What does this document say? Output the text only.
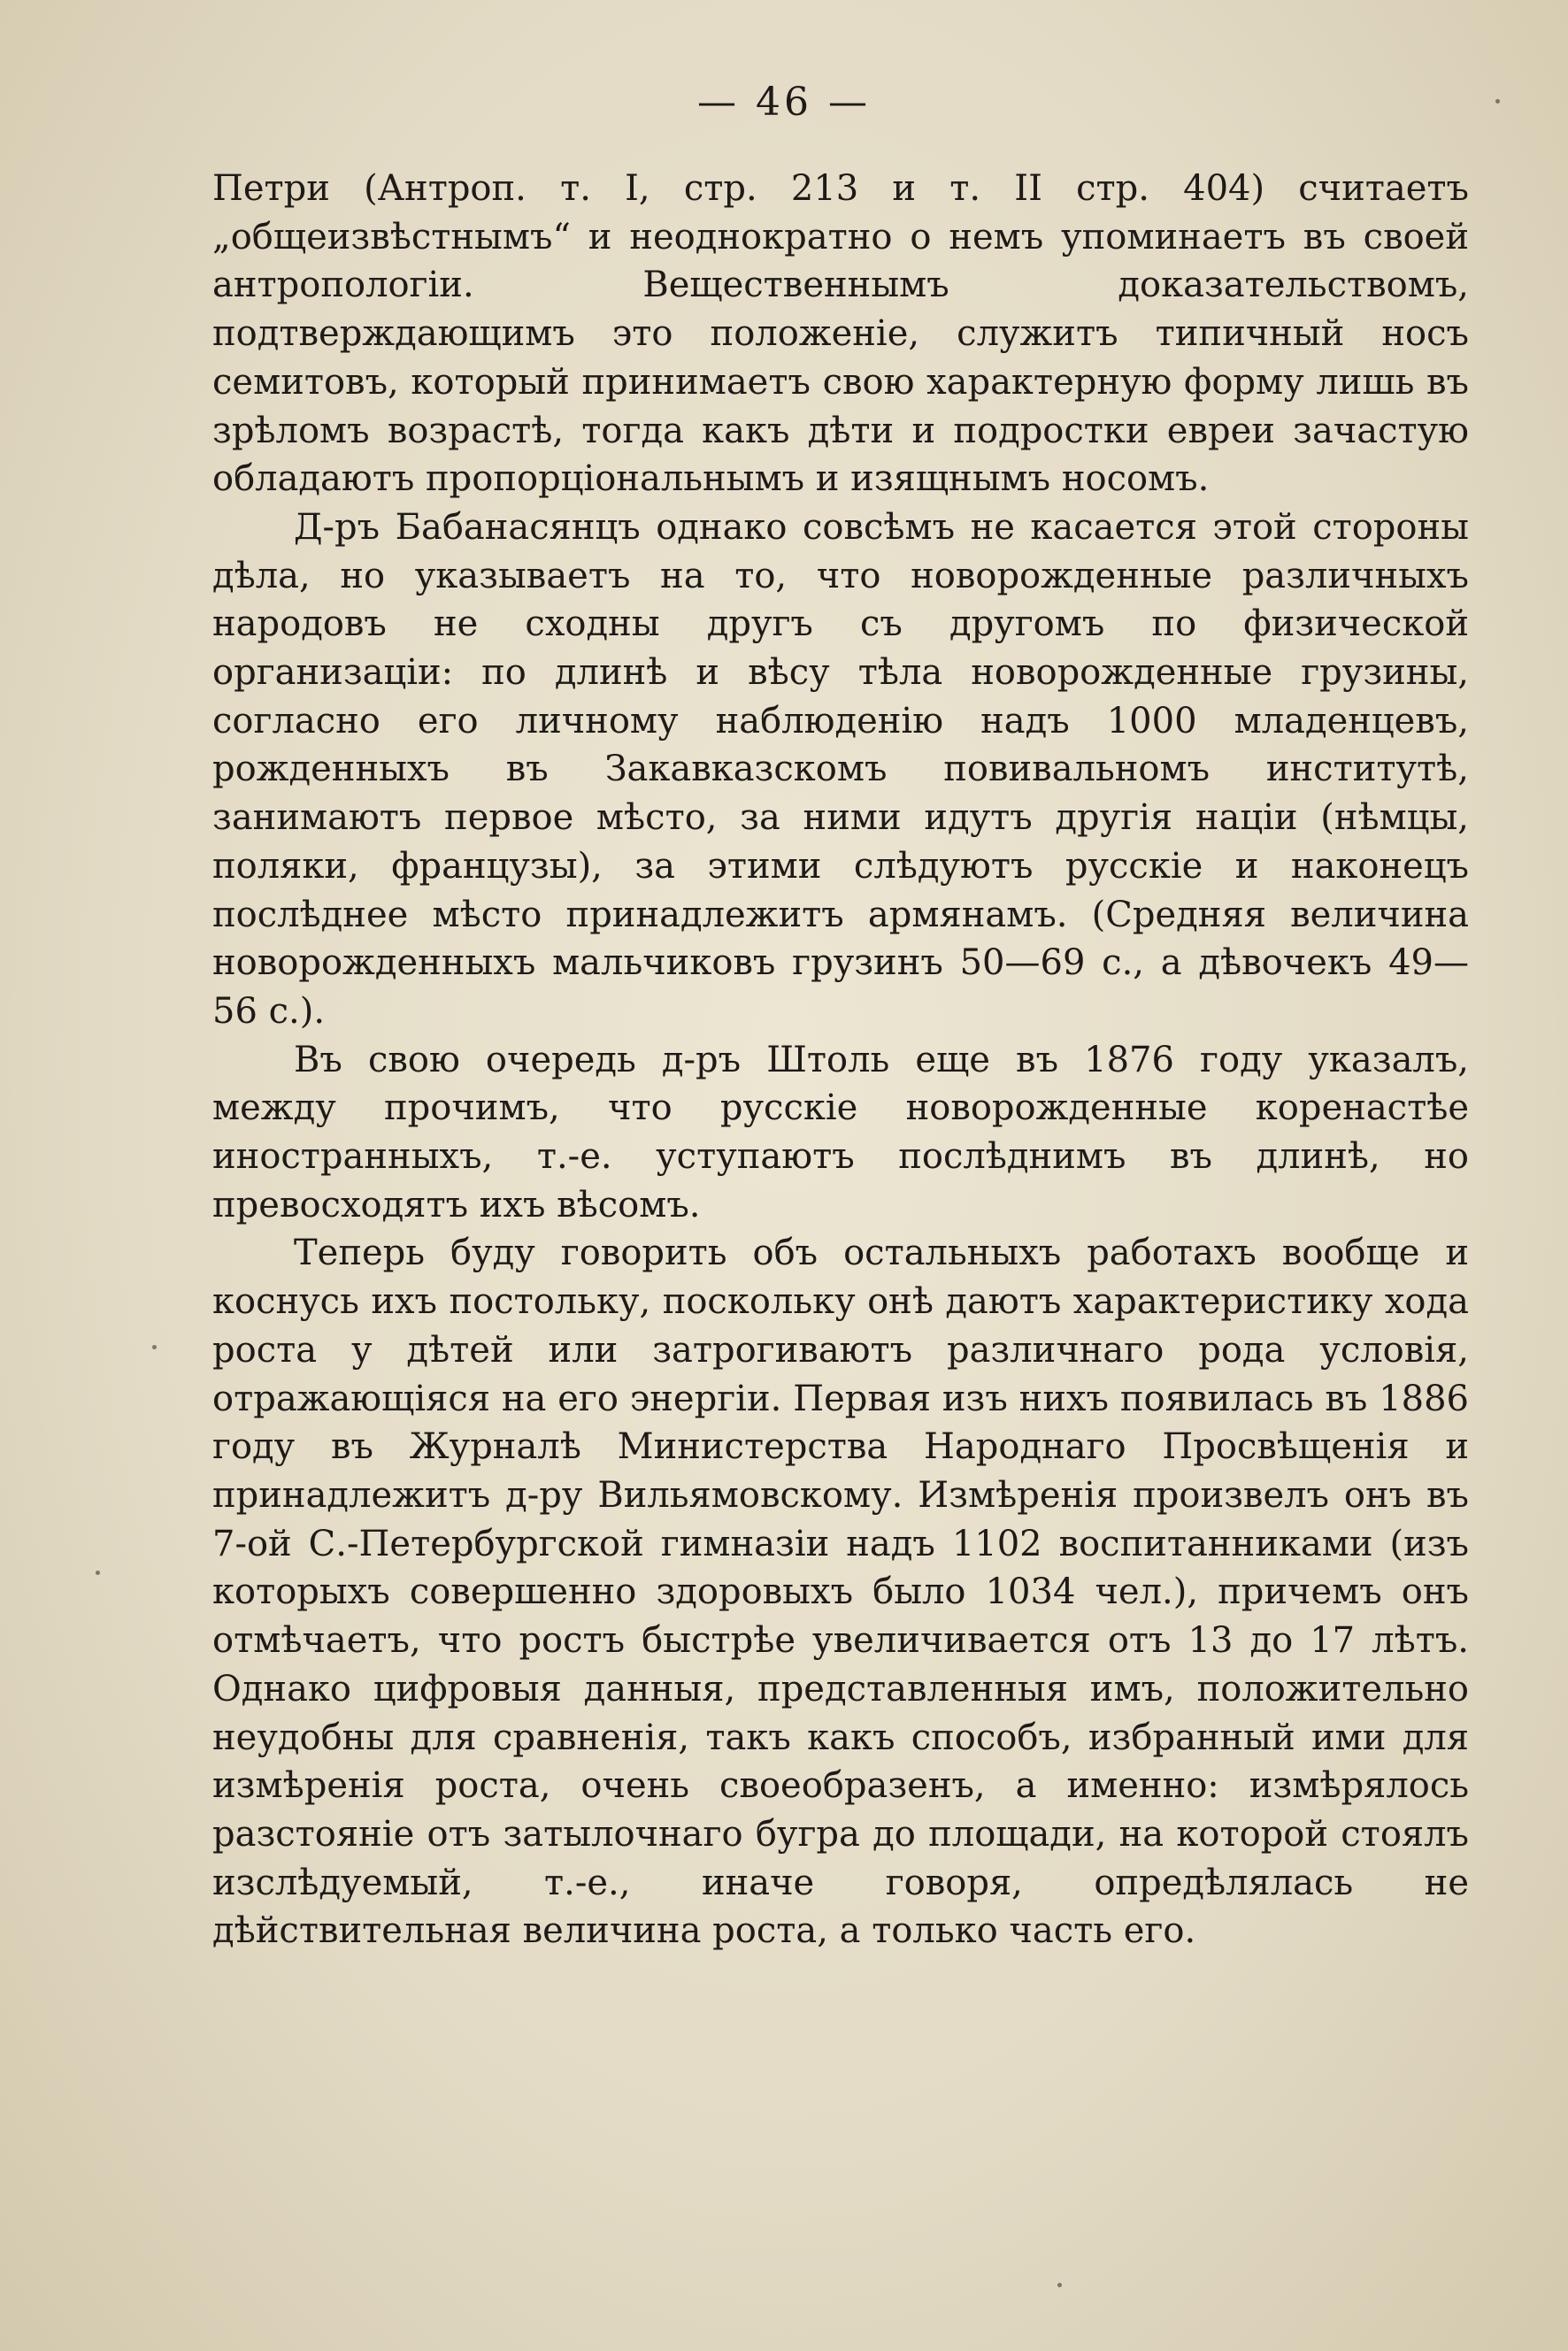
— 46 —

Петри (Антроп. т. I, стр. 213 и т. II стр. 404) считаетъ „общеизвѣстнымъ“ и неоднократно о немъ упоминаетъ въ своей антропологіи. Вещественнымъ доказательствомъ, подтверждающимъ это положеніе, служитъ типичный носъ семитовъ, который принимаетъ свою характерную форму лишь въ зрѣломъ возрастѣ, тогда какъ дѣти и подростки евреи зачастую обладаютъ пропорціональнымъ и изящнымъ носомъ.

Д-ръ Бабанасянцъ однако совсѣмъ не касается этой стороны дѣла, но указываетъ на то, что новорожденные различныхъ народовъ не сходны другъ съ другомъ по физической организаціи: по длинѣ и вѣсу тѣла новорожденные грузины, согласно его личному наблюденію надъ 1000 младенцевъ, рожденныхъ въ Закавказскомъ повивальномъ институтѣ, занимаютъ первое мѣсто, за ними идутъ другія націи (нѣмцы, поляки, французы), за этими слѣдуютъ русскіе и наконецъ послѣднее мѣсто принадлежитъ армянамъ. (Средняя величина новорожденныхъ мальчиковъ грузинъ 50—69 с., а дѣвочекъ 49—56 с.).

Въ свою очередь д-ръ Штоль еще въ 1876 году указалъ, между прочимъ, что русскіе новорожденные коренастѣе иностранныхъ, т.-е. уступаютъ послѣднимъ въ длинѣ, но превосходятъ ихъ вѣсомъ.

Теперь буду говорить объ остальныхъ работахъ вообще и коснусь ихъ постольку, поскольку онѣ даютъ характеристику хода роста у дѣтей или затрогиваютъ различнаго рода условія, отражающіяся на его энергіи. Первая изъ нихъ появилась въ 1886 году въ Журналѣ Министерства Народнаго Просвѣщенія и принадлежитъ д-ру Вильямовскому. Измѣренія произвелъ онъ въ 7-ой С.-Петербургской гимназіи надъ 1102 воспитанниками (изъ которыхъ совершенно здоровыхъ было 1034 чел.), причемъ онъ отмѣчаетъ, что ростъ быстрѣе увеличивается отъ 13 до 17 лѣтъ. Однако цифровыя данныя, представленныя имъ, положительно неудобны для сравненія, такъ какъ способъ, избранный ими для измѣренія роста, очень своеобразенъ, а именно: измѣрялось разстояніе отъ затылочнаго бугра до площади, на которой стоялъ изслѣдуемый, т.-е., иначе говоря, опредѣлялась не дѣйствительная величина роста, а только часть его.
